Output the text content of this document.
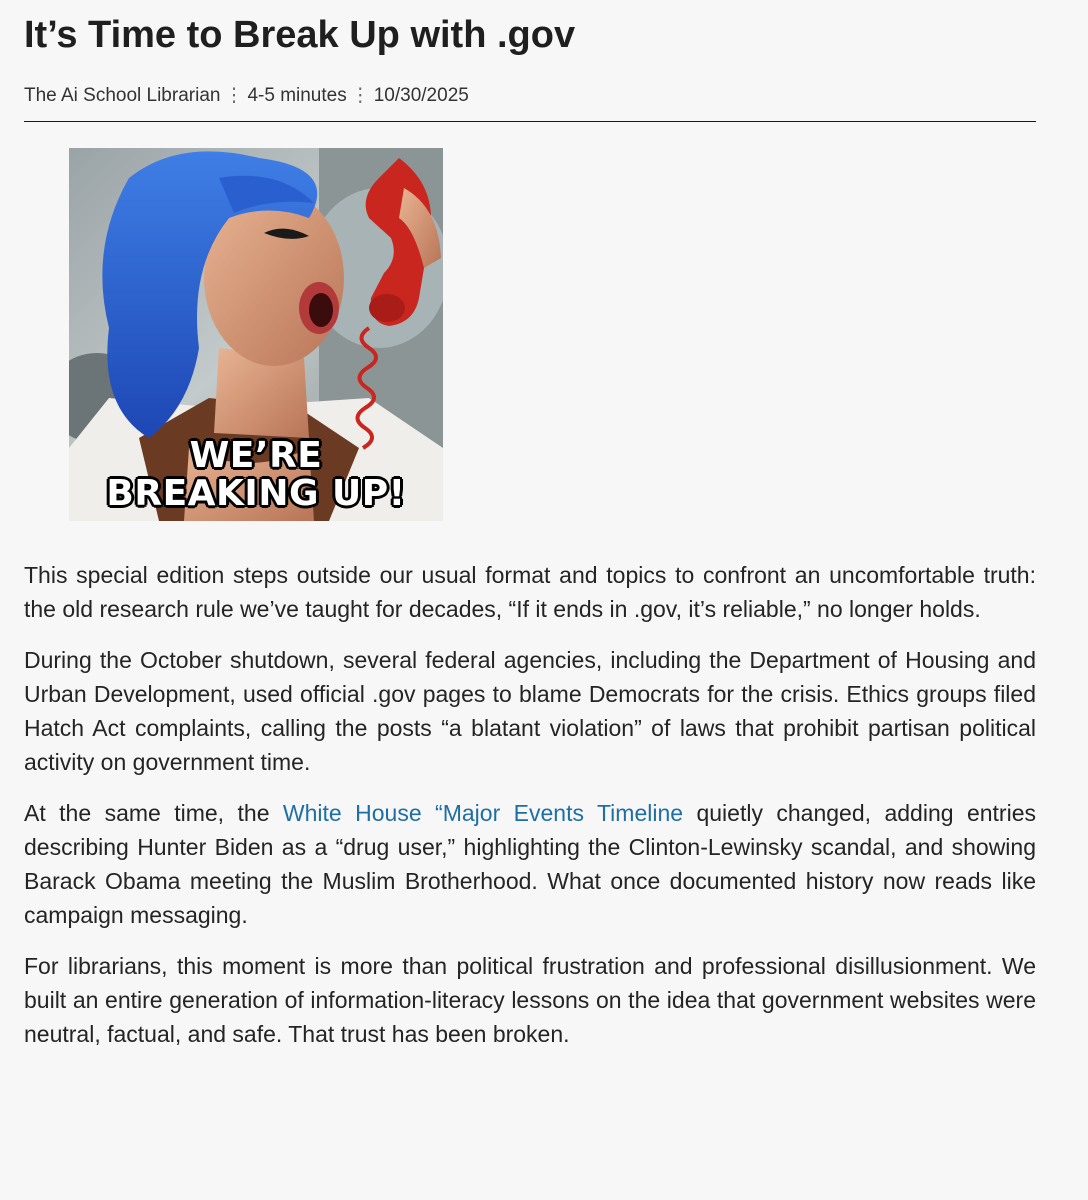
It’s Time to Break Up with .gov
The Ai School Librarian ⋮ 4-5 minutes ⋮ 10/30/2025
WE’RE
BREAKING UP!

This special edition steps outside our usual format and topics to confront an uncomfortable truth: the old research rule we’ve taught for decades, “If it ends in .gov, it’s reliable,” no longer holds.

During the October shutdown, several federal agencies, including the Department of Housing and Urban Development, used official .gov pages to blame Democrats for the crisis. Ethics groups filed Hatch Act complaints, calling the posts “a blatant violation” of laws that prohibit partisan political activity on government time.

At the same time, the White House “Major Events Timeline quietly changed, adding entries describing Hunter Biden as a “drug user,” highlighting the Clinton-Lewinsky scandal, and showing Barack Obama meeting the Muslim Brotherhood. What once documented history now reads like campaign messaging.

For librarians, this moment is more than political frustration and professional disillusionment. We built an entire generation of information-literacy lessons on the idea that government websites were neutral, factual, and safe. That trust has been broken.
